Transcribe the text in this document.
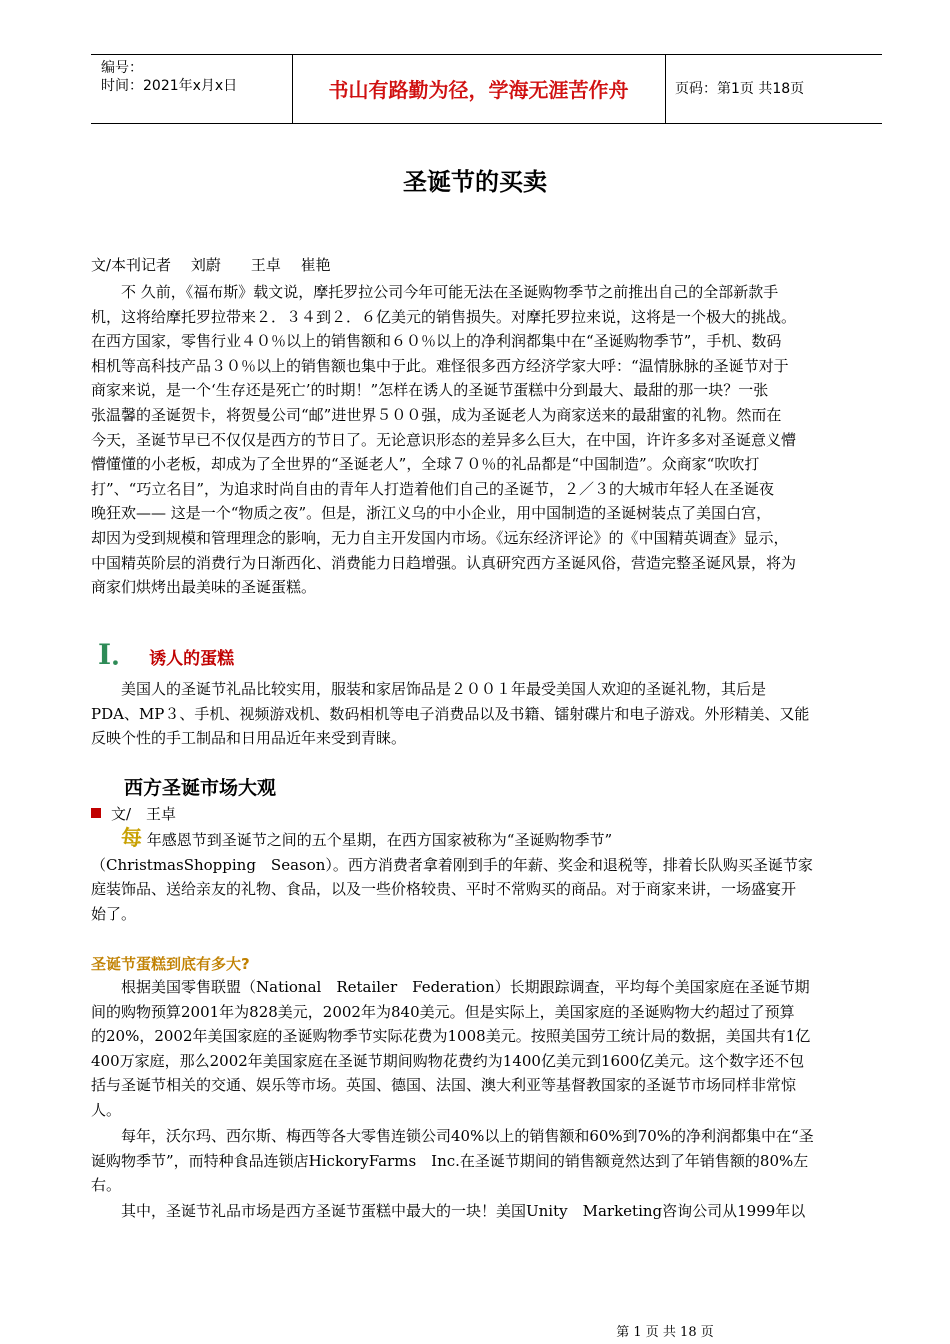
编号：
时间：2021年x月x日	书山有路勤为径，学海无涯苦作舟	页码：第1页 共18页
圣诞节的买卖
文/本刊记者　 刘蔚　　王卓　 崔艳
　　不 久前，《福布斯》载文说，摩托罗拉公司今年可能无法在圣诞购物季节之前推出自己的全部新款手
机，这将给摩托罗拉带来２．３４到２．６亿美元的销售损失。对摩托罗拉来说，这将是一个极大的挑战。
在西方国家，零售行业４０％以上的销售额和６０％以上的净利润都集中在“圣诞购物季节”，手机、数码
相机等高科技产品３０％以上的销售额也集中于此。难怪很多西方经济学家大呼：“温情脉脉的圣诞节对于
商家来说，是一个‘生存还是死亡’的时期！”怎样在诱人的圣诞节蛋糕中分到最大、最甜的那一块？一张
张温馨的圣诞贺卡，将贺曼公司“邮”进世界５００强，成为圣诞老人为商家送来的最甜蜜的礼物。然而在
今天，圣诞节早已不仅仅是西方的节日了。无论意识形态的差异多么巨大，在中国，许许多多对圣诞意义懵
懵懂懂的小老板，却成为了全世界的“圣诞老人”，全球７０％的礼品都是“中国制造”。众商家“吹吹打
打”、“巧立名目”，为追求时尚自由的青年人打造着他们自己的圣诞节，２／３的大城市年轻人在圣诞夜
晚狂欢—— 这是一个“物质之夜”。但是，浙江义乌的中小企业，用中国制造的圣诞树装点了美国白宫，
却因为受到规模和管理理念的影响，无力自主开发国内市场。《远东经济评论》的《中国精英调查》显示，
中国精英阶层的消费行为日渐西化、消费能力日趋增强。认真研究西方圣诞风俗，营造完整圣诞风景，将为
商家们烘烤出最美味的圣诞蛋糕。
I． 诱人的蛋糕
　　美国人的圣诞节礼品比较实用，服装和家居饰品是２００１年最受美国人欢迎的圣诞礼物，其后是
PDA、MP３、手机、视频游戏机、数码相机等电子消费品以及书籍、镭射碟片和电子游戏。外形精美、又能
反映个性的手工制品和日用品近年来受到青睐。
西方圣诞市场大观
文/　王卓
　　每 年感恩节到圣诞节之间的五个星期，在西方国家被称为“圣诞购物季节”
（ChristmasShopping　Season）。西方消费者拿着刚到手的年薪、奖金和退税等，排着长队购买圣诞节家
庭装饰品、送给亲友的礼物、食品，以及一些价格较贵、平时不常购买的商品。对于商家来讲，一场盛宴开
始了。
圣诞节蛋糕到底有多大?
　　根据美国零售联盟（National　Retailer　Federation）长期跟踪调查，平均每个美国家庭在圣诞节期
间的购物预算2001年为828美元，2002年为840美元。但是实际上，美国家庭的圣诞购物大约超过了预算
的20%，2002年美国家庭的圣诞购物季节实际花费为1008美元。按照美国劳工统计局的数据，美国共有1亿
400万家庭，那么2002年美国家庭在圣诞节期间购物花费约为1400亿美元到1600亿美元。这个数字还不包
括与圣诞节相关的交通、娱乐等市场。英国、德国、法国、澳大利亚等基督教国家的圣诞节市场同样非常惊
人。
　　每年，沃尔玛、西尔斯、梅西等各大零售连锁公司40%以上的销售额和60%到70%的净利润都集中在“圣
诞购物季节”，而特种食品连锁店HickoryFarms　Inc.在圣诞节期间的销售额竟然达到了年销售额的80%左
右。
　　其中，圣诞节礼品市场是西方圣诞节蛋糕中最大的一块！美国Unity　Marketing咨询公司从1999年以
第 1 页 共 18 页
